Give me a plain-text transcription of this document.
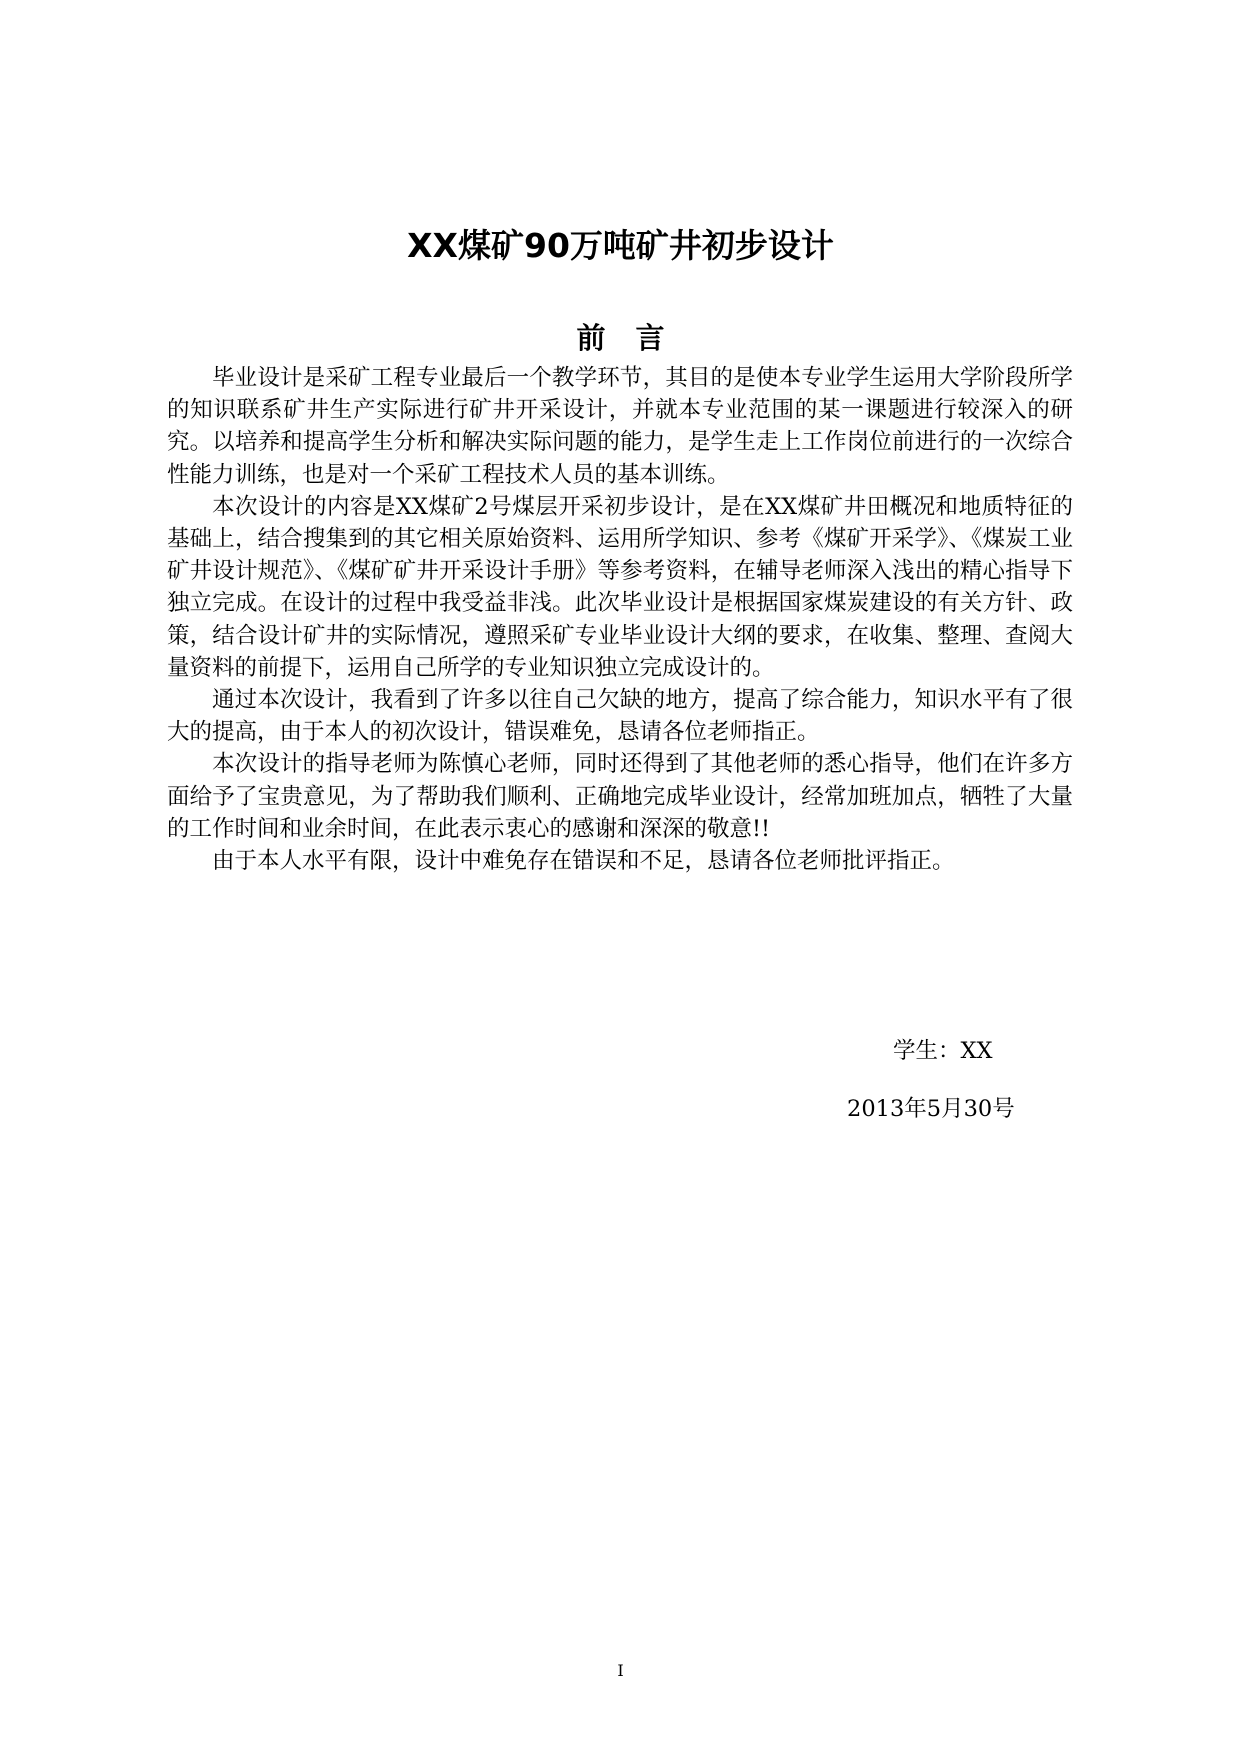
XX煤矿90万吨矿井初步设计
前言

毕业设计是采矿工程专业最后一个教学环节，其目的是使本专业学生运用大学阶段所学的知识联系矿井生产实际进行矿井开采设计，并就本专业范围的某一课题进行较深入的研究。以培养和提高学生分析和解决实际问题的能力，是学生走上工作岗位前进行的一次综合性能力训练，也是对一个采矿工程技术人员的基本训练。

本次设计的内容是XX煤矿2号煤层开采初步设计，是在XX煤矿井田概况和地质特征的基础上，结合搜集到的其它相关原始资料、运用所学知识、参考《煤矿开采学》、《煤炭工业矿井设计规范》、《煤矿矿井开采设计手册》等参考资料，在辅导老师深入浅出的精心指导下独立完成。在设计的过程中我受益非浅。此次毕业设计是根据国家煤炭建设的有关方针、政策，结合设计矿井的实际情况，遵照采矿专业毕业设计大纲的要求，在收集、整理、查阅大量资料的前提下，运用自己所学的专业知识独立完成设计的。

通过本次设计，我看到了许多以往自己欠缺的地方，提高了综合能力，知识水平有了很大的提高，由于本人的初次设计，错误难免，恳请各位老师指正。

本次设计的指导老师为陈慎心老师，同时还得到了其他老师的悉心指导，他们在许多方面给予了宝贵意见，为了帮助我们顺利、正确地完成毕业设计，经常加班加点，牺牲了大量的工作时间和业余时间，在此表示衷心的感谢和深深的敬意!!

由于本人水平有限，设计中难免存在错误和不足，恳请各位老师批评指正。

学生：XX
2013年5月30号
I
